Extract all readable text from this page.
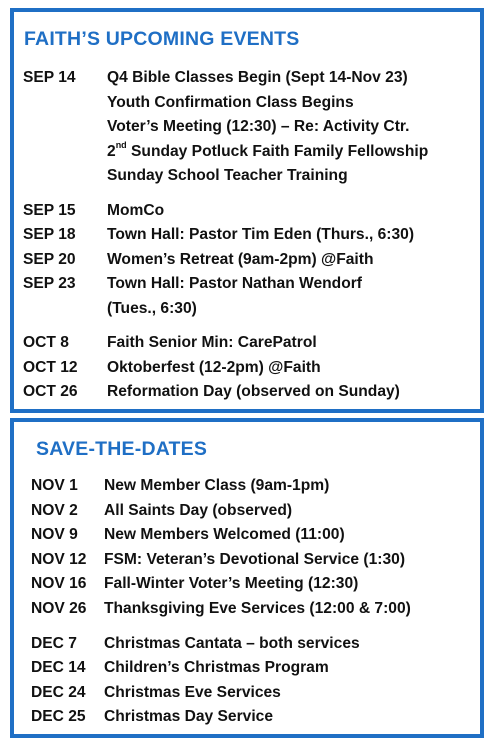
FAITH’S UPCOMING EVENTS
SEP 14 Q4 Bible Classes Begin (Sept 14-Nov 23)
Youth Confirmation Class Begins
Voter’s Meeting (12:30) – Re: Activity Ctr.
2nd Sunday Potluck Faith Family Fellowship
Sunday School Teacher Training
SEP 15 MomCo
SEP 18 Town Hall: Pastor Tim Eden (Thurs., 6:30)
SEP 20 Women’s Retreat (9am-2pm) @Faith
SEP 23 Town Hall: Pastor Nathan Wendorf
(Tues., 6:30)
OCT 8 Faith Senior Min: CarePatrol
OCT 12 Oktoberfest (12-2pm) @Faith
OCT 26 Reformation Day (observed on Sunday)
SAVE-THE-DATES
NOV 1 New Member Class (9am-1pm)
NOV 2 All Saints Day (observed)
NOV 9 New Members Welcomed (11:00)
NOV 12 FSM: Veteran’s Devotional Service (1:30)
NOV 16 Fall-Winter Voter’s Meeting (12:30)
NOV 26 Thanksgiving Eve Services (12:00 & 7:00)
DEC 7 Christmas Cantata – both services
DEC 14 Children’s Christmas Program
DEC 24 Christmas Eve Services
DEC 25 Christmas Day Service
